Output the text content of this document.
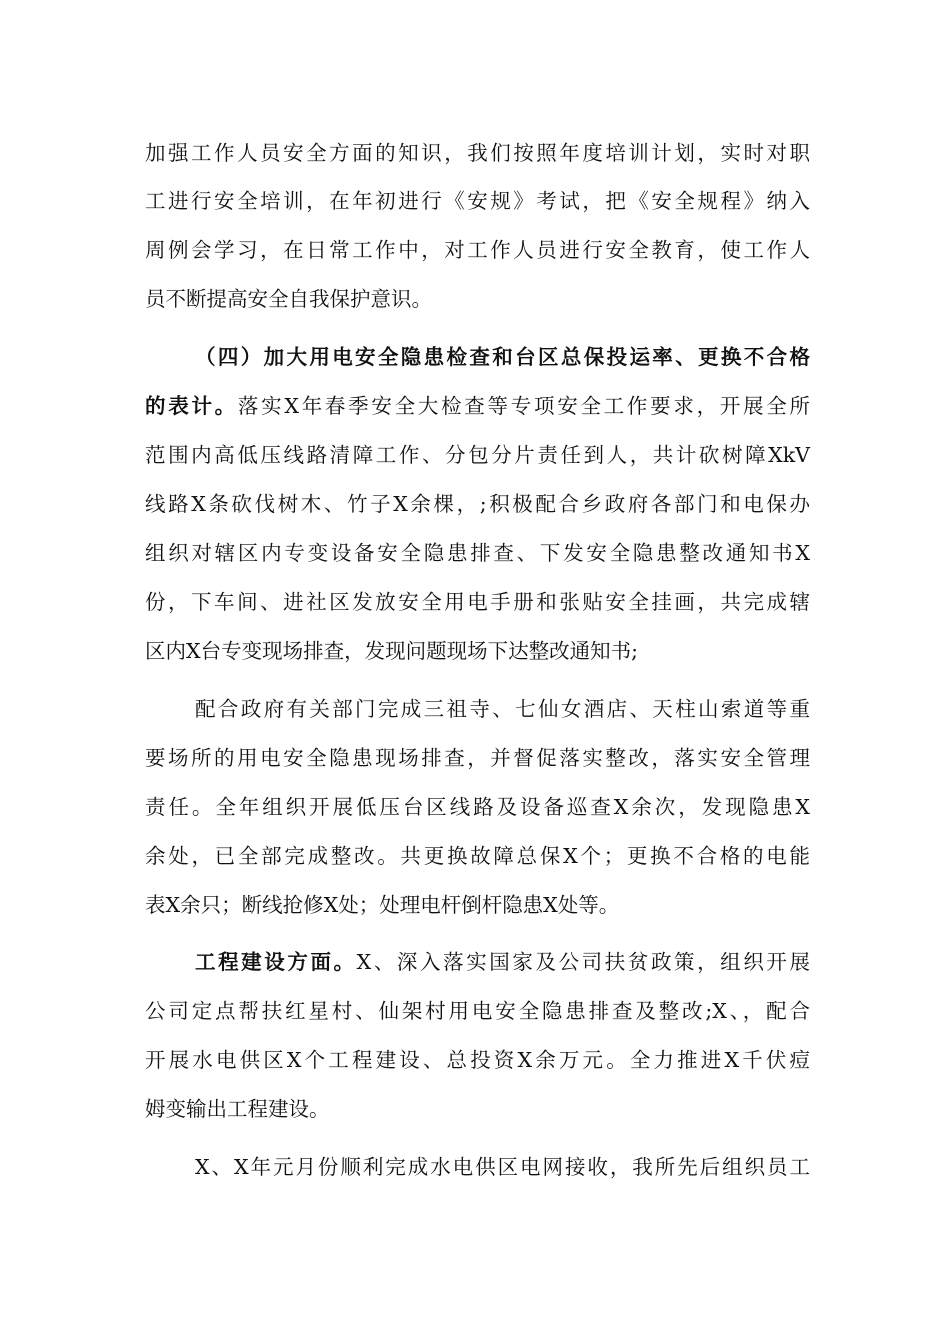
加强工作人员安全方面的知识，我们按照年度培训计划，实时对职
工进行安全培训，在年初进行《安规》考试，把《安全规程》纳入
周例会学习，在日常工作中，对工作人员进行安全教育，使工作人
员不断提高安全自我保护意识。
（四）加大用电安全隐患检查和台区总保投运率、更换不合格
的表计。落实X年春季安全大检查等专项安全工作要求，开展全所
范围内高低压线路清障工作、分包分片责任到人，共计砍树障XkV
线路X条砍伐树木、竹子X余棵，;积极配合乡政府各部门和电保办
组织对辖区内专变设备安全隐患排查、下发安全隐患整改通知书X
份，下车间、进社区发放安全用电手册和张贴安全挂画，共完成辖
区内X台专变现场排查，发现问题现场下达整改通知书;
配合政府有关部门完成三祖寺、七仙女酒店、天柱山索道等重
要场所的用电安全隐患现场排查，并督促落实整改，落实安全管理
责任。全年组织开展低压台区线路及设备巡查X余次，发现隐患X
余处，已全部完成整改。共更换故障总保X个；更换不合格的电能
表X余只；断线抢修X处；处理电杆倒杆隐患X处等。
工程建设方面。X、深入落实国家及公司扶贫政策，组织开展
公司定点帮扶红星村、仙架村用电安全隐患排查及整改;X、，配合
开展水电供区X个工程建设、总投资X余万元。全力推进X千伏痘
姆变输出工程建设。
X、X年元月份顺利完成水电供区电网接收，我所先后组织员工
